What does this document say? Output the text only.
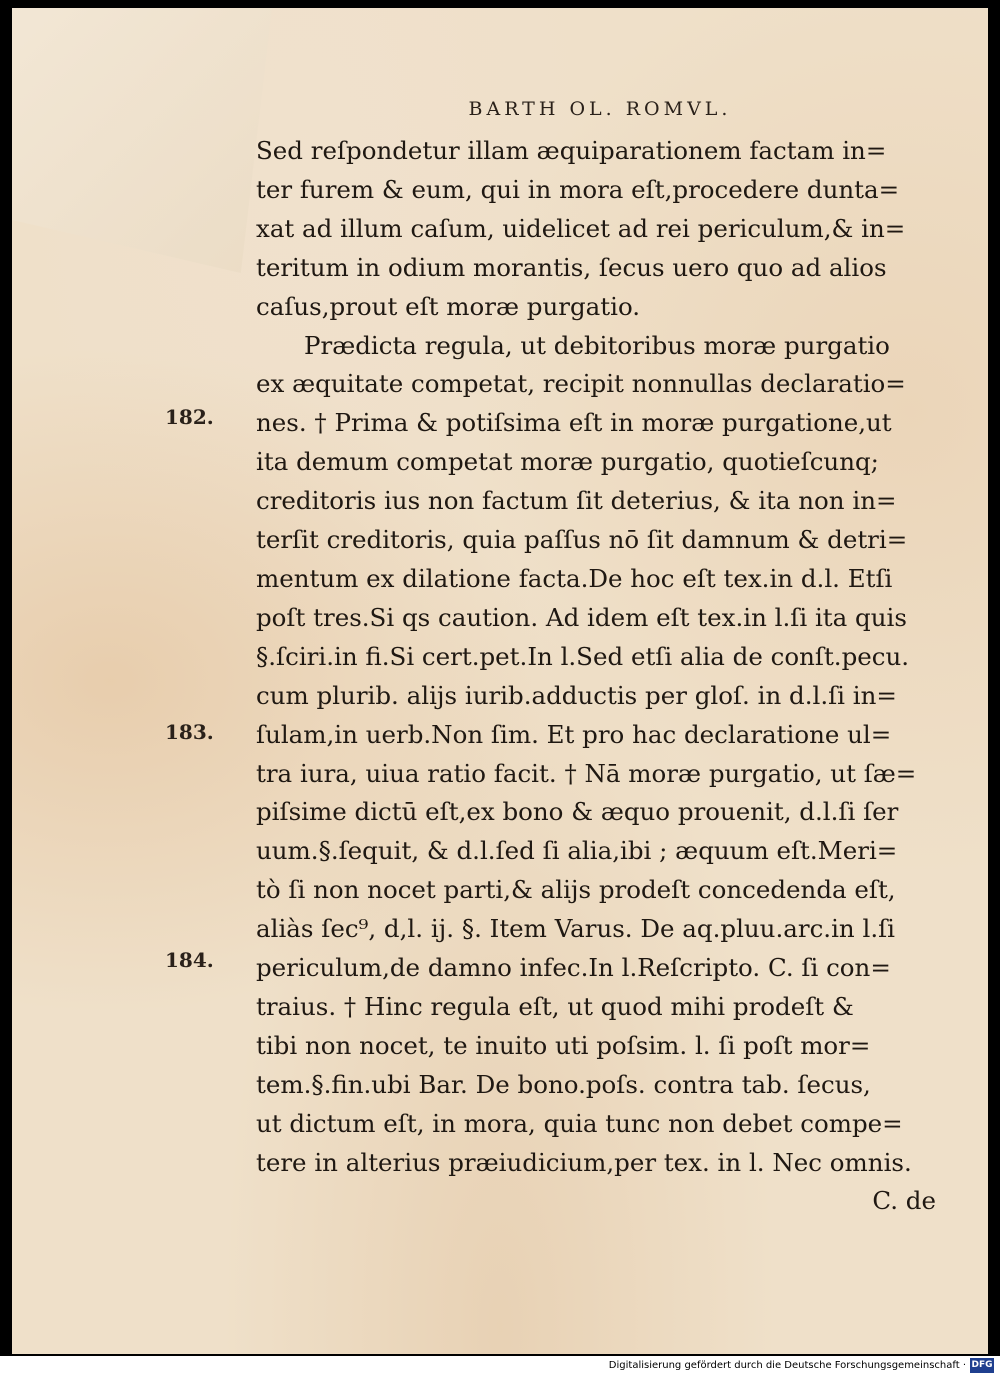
BARTH OL. ROMVL.
Sed reſpondetur illam æquiparationem factam in=
ter furem & eum, qui in mora eſt,procedere dunta=
xat ad illum caſum, uidelicet ad rei periculum,& in=
teritum in odium morantis, ſecus uero quo ad alios
caſus,prout eſt moræ purgatio.
Prædicta regula, ut debitoribus moræ purgatio
ex æquitate competat, recipit nonnullas declaratio=
nes. † Prima & potiſsima eſt in moræ purgatione,ut
ita demum competat moræ purgatio, quotieſcunq;
creditoris ius non factum ſit deterius, & ita non in=
terſit creditoris, quia paſſus nō ſit damnum & detri=
mentum ex dilatione facta.De hoc eſt tex.in d.l. Etſi
poſt tres.Si qs caution. Ad idem eſt tex.in l.ſi ita quis
§.ſciri.in fi.Si cert.pet.In l.Sed etſi alia de conſt.pecu.
cum plurib. alijs iurib.adductis per gloſ. in d.l.ſi in=
ſulam,in uerb.Non ſim. Et pro hac declaratione ul=
tra iura, uiua ratio facit. † Nā moræ purgatio, ut ſæ=
piſsime dictū eſt,ex bono & æquo prouenit, d.l.ſi ſer
uum.§.ſequit, & d.l.ſed ſi alia,ibi ; æquum eſt.Meri=
tò ſi non nocet parti,& alijs prodeſt concedenda eſt,
aliàs ſec⁹, d,l. ij. §. Item Varus. De aq.pluu.arc.in l.ſi
periculum,de damno infec.In l.Reſcripto. C. ſi con=
traius. † Hinc regula eſt, ut quod mihi prodeſt &
tibi non nocet, te inuito uti poſsim. l. ſi poſt mor=
tem.§.fin.ubi Bar. De bono.poſs. contra tab. ſecus,
ut dictum eſt, in mora, quia tunc non debet compe=
tere in alterius præiudicium,per tex. in l. Nec omnis.
C. de
182.
183.
184.
Digitalisierung gefördert durch die Deutsche Forschungsgemeinschaft · DFG
